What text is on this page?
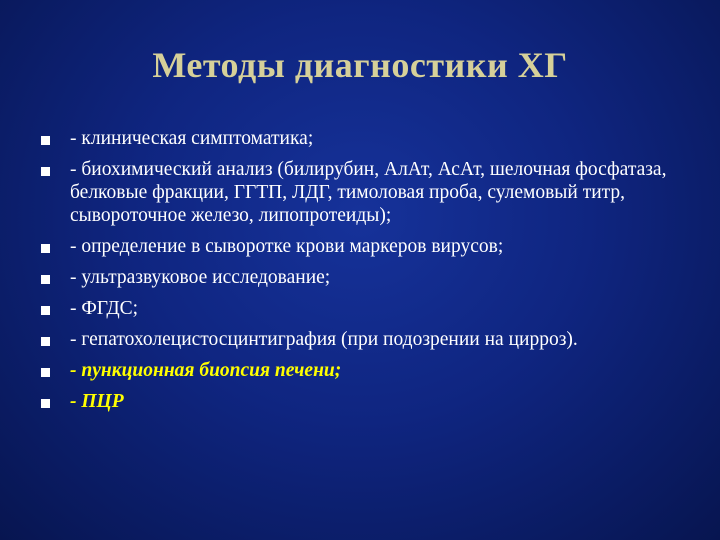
Методы диагностики ХГ
- клиническая симптоматика;
- биохимический анализ (билирубин, АлАт, АсАт, шелочная фосфатаза, белковые фракции, ГГТП, ЛДГ, тимоловая проба, сулемовый титр, сывороточное железо, липопротеиды);
- определение в сыворотке крови маркеров вирусов;
- ультразвуковое исследование;
- ФГДС;
- гепатохолецистосцинтиграфия (при подозрении на цирроз).
- пункционная биопсия печени;
- ПЦР
